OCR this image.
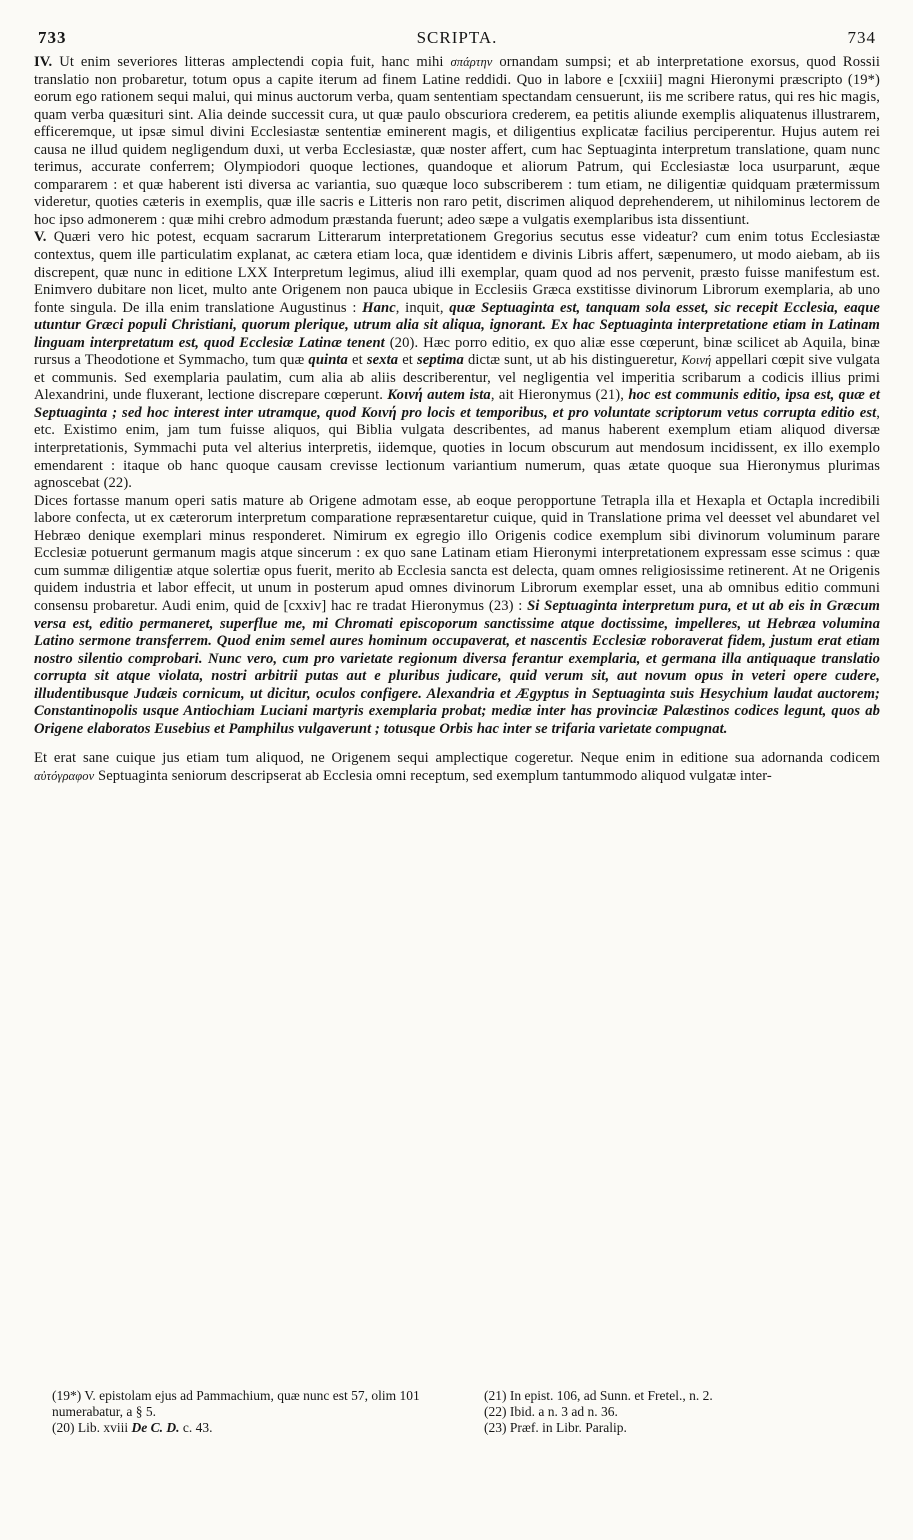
733	SCRIPTA.	734

IV. Ut enim severiores litteras amplectendi copia fuit, hanc mihi σπάρτην ornandam sumpsi; et ab interpretatione exorsus, quod Rossii translatio non probaretur, totum opus a capite iterum ad finem Latine reddidi. Quo in labore e [cxxiii] magni Hieronymi præscripto (19*) eorum ego rationem sequi malui, qui minus auctorum verba, quam sententiam spectandam censuerunt, iis me scribere ratus, qui res hic magis, quam verba quæsituri sint. Alia deinde successit cura, ut quæ paulo obscuriora crederem, ea petitis aliunde exemplis aliquatenus illustrarem, efficeremque, ut ipsæ simul divini Ecclesiastæ sententiæ eminerent magis, et diligentius explicatæ facilius perciperentur. Hujus autem rei causa ne illud quidem negligendum duxi, ut verba Ecclesiastæ, quæ noster affert, cum hac Septuaginta interpretum translatione, quam nunc terimus, accurate conferrem; Olympiodori quoque lectiones, quandoque et aliorum Patrum, qui Ecclesiastæ loca usurparunt, æque compararem : et quæ haberent isti diversa ac variantia, suo quæque loco subscriberem : tum etiam, ne diligentiæ quidquam prætermissum videretur, quoties cæteris in exemplis, quæ ille sacris e Litteris non raro petit, discrimen aliquod deprehenderem, ut nihilominus lectorem de hoc ipso admonerem : quæ mihi crebro admodum præstanda fuerunt; adeo sæpe a vulgatis exemplaribus ista dissentiunt.

V. Quæri vero hic potest, ecquam sacrarum Litterarum interpretationem Gregorius secutus esse videatur? cum enim totus Ecclesiastæ contextus, quem ille particulatim explanat, ac cætera etiam loca, quæ identidem e divinis Libris affert, sæpenumero, ut modo aiebam, ab iis discrepent, quæ nunc in editione LXX Interpretum legimus, aliud illi exemplar, quam quod ad nos pervenit, præsto fuisse manifestum est. Enimvero dubitare non licet, multo ante Origenem non pauca ubique in Ecclesiis Græca exstitisse divinorum Librorum exemplaria, ab uno fonte singula. De illa enim translatione Augustinus : Hanc, inquit, quæ Septuaginta est, tanquam sola esset, sic recepit Ecclesia, eaque utuntur Græci populi Christiani, quorum plerique, utrum alia sit aliqua, ignorant. Ex hac Septuaginta interpretatione etiam in Latinam linguam interpretatum est, quod Ecclesiæ Latinæ tenent (20). Hæc porro editio, ex quo aliæ esse cœperunt, binæ scilicet ab Aquila, binæ rursus a Theodotione et Symmacho, tum quæ quinta et sexta et septima dictæ sunt, ut ab his distingueretur, Κοινή appellari cœpit sive vulgata et communis. Sed exemplaria paulatim, cum alia ab aliis describerentur, vel negligentia vel imperitia scribarum a codicis illius primi Alexandrini, unde fluxerant, lectione discrepare cœperunt. Κοινή autem ista, ait Hieronymus (21), hoc est communis editio, ipsa est, quæ et Septuaginta ; sed hoc interest inter utramque, quod Κοινή pro locis et temporibus, et pro voluntate scriptorum vetus corrupta editio est, etc. Existimo enim, jam tum fuisse aliquos, qui Biblia vulgata describentes, ad manus haberent exemplum etiam aliquod diversæ interpretationis, Symmachi puta vel alterius interpretis, iidemque, quoties in locum obscurum aut mendosum incidissent, ex illo exemplo emendarent : itaque ob hanc quoque causam crevisse lectionum variantium numerum, quas ætate quoque sua Hieronymus plurimas agnoscebat (22).

Dices fortasse manum operi satis mature ab Origene admotam esse, ab eoque peropportune Tetrapla illa et Hexapla et Octapla incredibili labore confecta, ut ex cæterorum interpretum comparatione repræsentaretur cuique, quid in Translatione prima vel deesset vel abundaret vel Hebræo denique exemplari minus responderet. Nimirum ex egregio illo Origenis codice exemplum sibi divinorum voluminum parare Ecclesiæ potuerunt germanum magis atque sincerum : ex quo sane Latinam etiam Hieronymi interpretationem expressam esse scimus : quæ cum summæ diligentiæ atque solertiæ opus fuerit, merito ab Ecclesia sancta est delecta, quam omnes religiosissime retinerent. At ne Origenis quidem industria et labor effecit, ut unum in posterum apud omnes divinorum Librorum exemplar esset, una ab omnibus editio communi consensu probaretur. Audi enim, quid de [cxxiv] hac re tradat Hieronymus (23) : Si Septuaginta interpretum pura, et ut ab eis in Græcum versa est, editio permaneret, superflue me, mi Chromati episcoporum sanctissime atque doctissime, impelleres, ut Hebræa volumina Latino sermone transferrem. Quod enim semel aures hominum occupaverat, et nascentis Ecclesiæ roboraverat fidem, justum erat etiam nostro silentio comprobari. Nunc vero, cum pro varietate regionum diversa ferantur exemplaria, et germana illa antiquaque translatio corrupta sit atque violata, nostri arbitrii putas aut e pluribus judicare, quid verum sit, aut novum opus in veteri opere cudere, illudentibusque Judæis cornicum, ut dicitur, oculos configere. Alexandria et Ægyptus in Septuaginta suis Hesychium laudat auctorem; Constantinopolis usque Antiochiam Luciani martyris exemplaria probat; mediæ inter has provinciæ Palæstinos codices legunt, quos ab Origene elaboratos Eusebius et Pamphilus vulgaverunt ; totusque Orbis hac inter se trifaria varietate compugnat.

Et erat sane cuique jus etiam tum aliquod, ne Origenem sequi amplectique cogeretur. Neque enim in editione sua adornanda codicem αὐτόγραφον Septuaginta seniorum descripserat ab Ecclesia omni receptum, sed exemplum tantummodo aliquod vulgatæ inter-

(19*) V. epistolam ejus ad Pammachium, quæ nunc est 57, olim 101 numerabatur, a § 5.

(20) Lib. xviii De C. D. c. 43.

(21) In epist. 106, ad Sunn. et Fretel., n. 2.

(22) Ibid. a n. 3 ad n. 36.

(23) Præf. in Libr. Paralip.
